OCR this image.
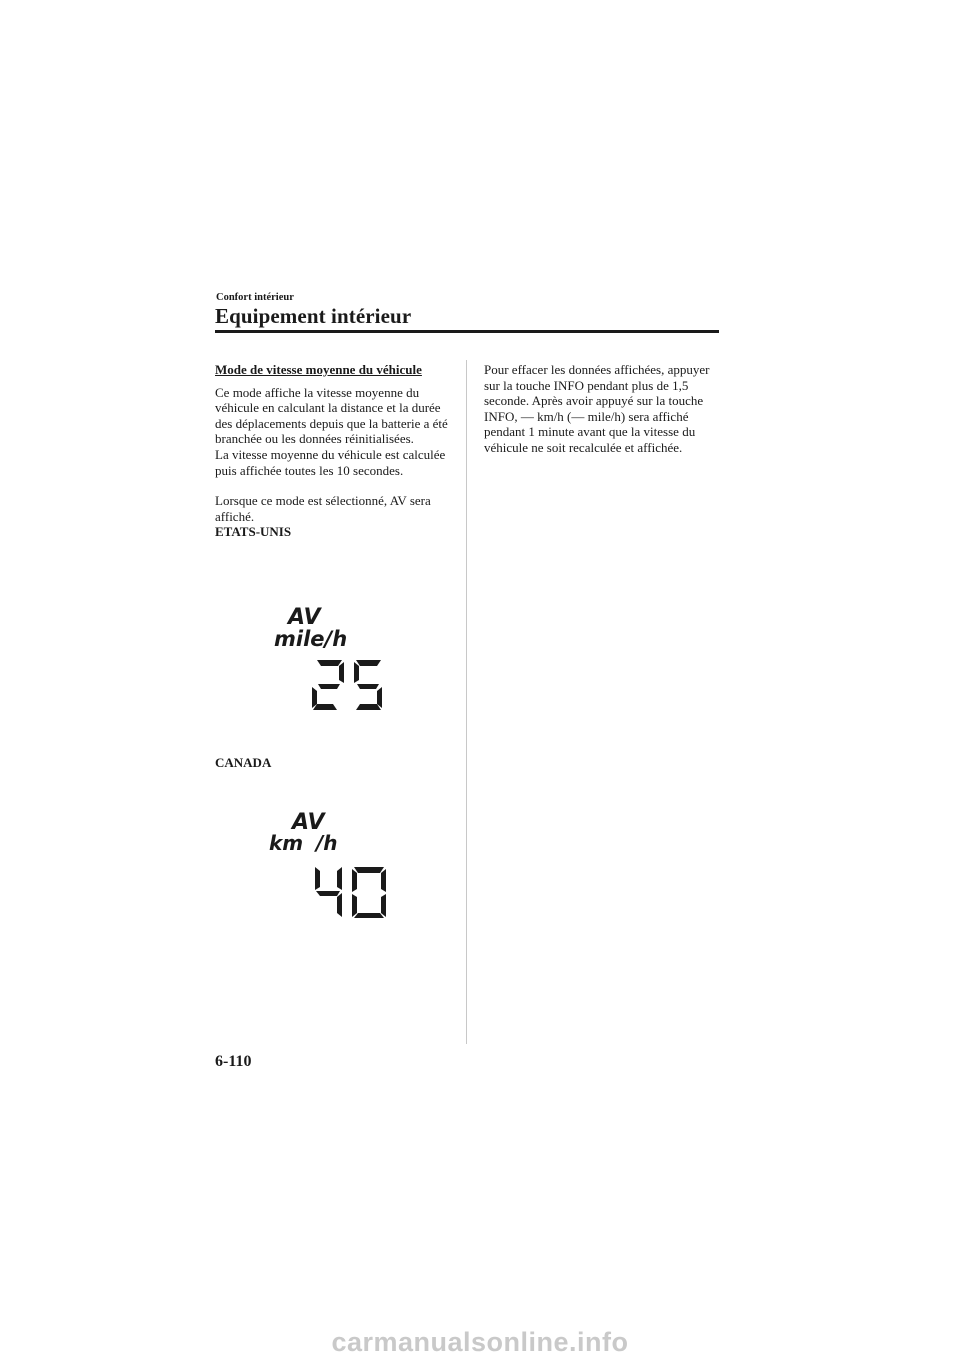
Confort intérieur
Equipement intérieur
Mode de vitesse moyenne du véhicule
Ce mode affiche la vitesse moyenne du véhicule en calculant la distance et la durée des déplacements depuis que la batterie a été branchée ou les données réinitialisées.
La vitesse moyenne du véhicule est calculée puis affichée toutes les 10 secondes.
Lorsque ce mode est sélectionné, AV sera affiché.
ETATS-UNIS
AV
mile/h
CANADA
AV
km /h
Pour effacer les données affichées, appuyer sur la touche INFO pendant plus de 1,5 seconde. Après avoir appuyé sur la touche INFO, — km/h (— mile/h) sera affiché pendant 1 minute avant que la vitesse du véhicule ne soit recalculée et affichée.
6-110
carmanualsonline.info
